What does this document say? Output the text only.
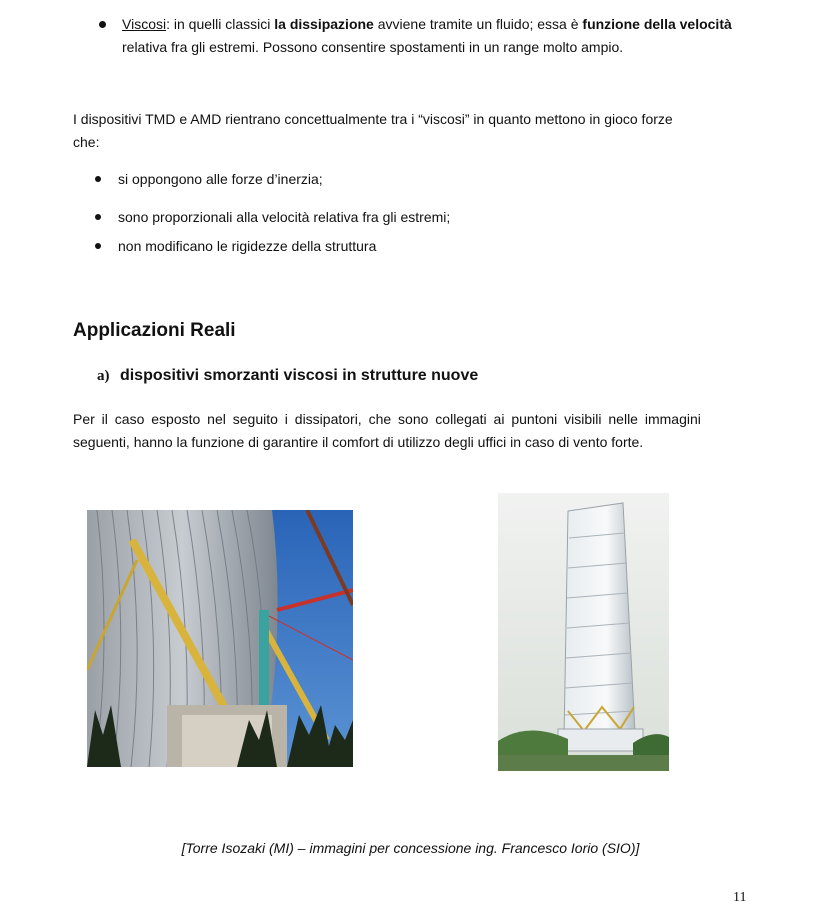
Viscosi: in quelli classici la dissipazione avviene tramite un fluido; essa è funzione della velocità
relativa fra gli estremi. Possono consentire spostamenti in un range molto ampio.
I dispositivi TMD e AMD rientrano concettualmente tra i “viscosi” in quanto mettono in gioco forze
che:
si oppongono alle forze d’inerzia;
sono proporzionali alla velocità relativa fra gli estremi;
non modificano le rigidezze della struttura
Applicazioni Reali
a) dispositivi smorzanti viscosi in strutture nuove
Per il caso esposto nel seguito i dissipatori, che sono collegati ai puntoni visibili nelle immagini
seguenti, hanno la funzione di garantire il comfort di utilizzo degli uffici in caso di vento forte.
[Torre Isozaki (MI) – immagini per concessione ing. Francesco Iorio (SIO)]
11
